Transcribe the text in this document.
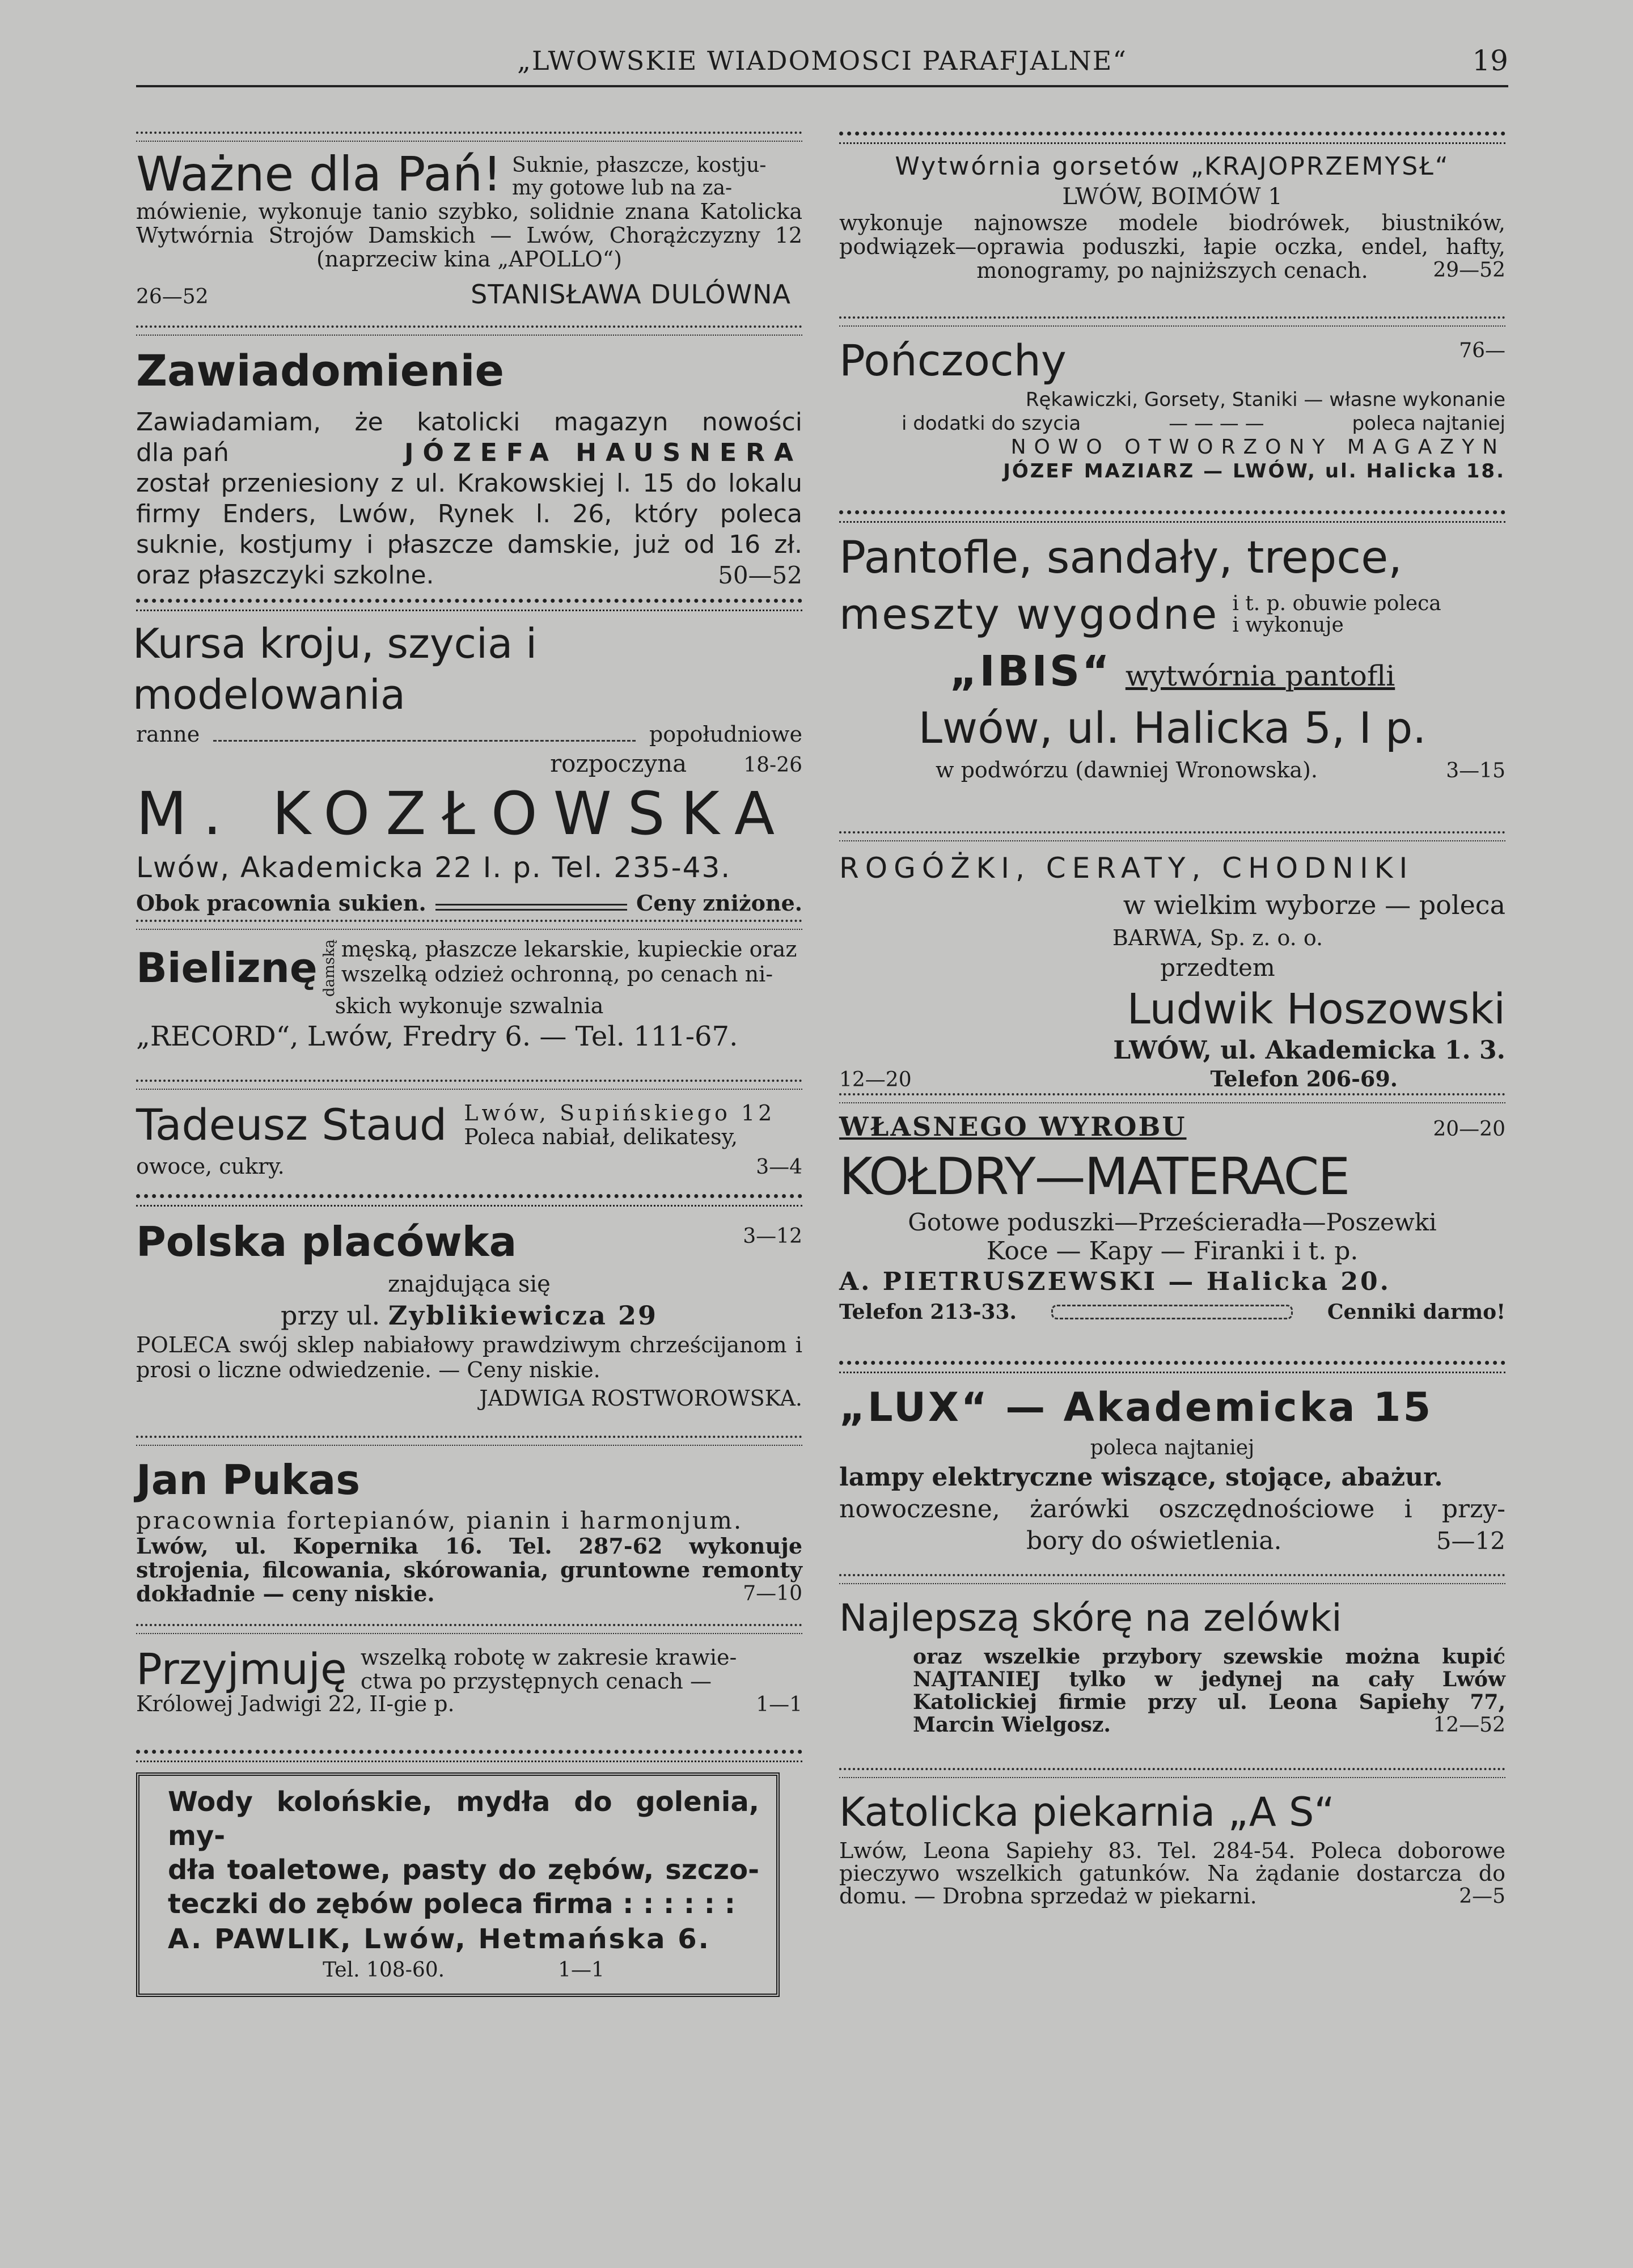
„LWOWSKIE WIADOMOSCI PARAFJALNE“	19
Ważne dla Pań! Suknie, płaszcze, kostju-
my gotowe lub na za-
mówienie, wykonuje tanio szybko, solidnie znana Katolicka Wytwórnia Strojów Damskich — Lwów, Chorążczyzny 12 (naprzeciw kina „APOLLO“)
26—52	STANISŁAWA DULÓWNA
Zawiadomienie
Zawiadamiam, że katolicki magazyn nowości
dla pań	JÓZEFA HAUSNERA
został przeniesiony z ul. Krakowskiej l. 15 do lokalu firmy Enders, Lwów, Rynek l. 26, który poleca suknie, kostjumy i płaszcze damskie, już od 16 zł. oraz płaszczyki szkolne.	50—52
Kursa kroju, szycia i modelowania
ranne	popołudniowe
rozpoczyna	18-26
M. KOZŁOWSKA
Lwów, Akademicka 22 I. p. Tel. 235-43.
Obok pracownia sukien.	Ceny zniżone.
Bieliznę damską męską, płaszcze lekarskie, kupieckie oraz
wszelką odzież ochronną, po cenach ni-
skich wykonuje szwalnia
„RECORD“, Lwów, Fredry 6. — Tel. 111-67.
Tadeusz Staud Lwów, Supińskiego 12
Poleca nabiał, delikatesy,
owoce, cukry.	3—4
Polska placówka	3—12
znajdująca się
przy ul. Zyblikiewicza 29
POLECA swój sklep nabiałowy prawdziwym chrześcijanom i prosi o liczne odwiedzenie. — Ceny niskie.
JADWIGA ROSTWOROWSKA.
Jan Pukas
pracownia fortepianów, pianin i harmonjum.
Lwów, ul. Kopernika 16. Tel. 287-62 wykonuje strojenia, filcowania, skórowania, gruntowne remonty dokładnie — ceny niskie.	7—10
Przyjmuję wszelką robotę w zakresie krawie-
ctwa po przystępnych cenach —
Królowej Jadwigi 22, II-gie p.	1—1
Wody kolońskie, mydła do golenia, my-
dła toaletowe, pasty do zębów, szczo-
teczki do zębów poleca firma : : : : : :
A. PAWLIK, Lwów, Hetmańska 6.
Tel. 108-60.	1—1
Wytwórnia gorsetów „KRAJOPRZEMYSŁ“
LWÓW, BOIMÓW 1
wykonuje najnowsze modele biodrówek, biustników, podwiązek—oprawia poduszki, łapie oczka, endel, hafty, monogramy, po najniższych cenach.	29—52
Pończochy	76—
Rękawiczki, Gorsety, Staniki — własne wykonanie
i dodatki do szycia	— — — —	poleca najtaniej
NOWO OTWORZONY MAGAZYN
JÓZEF MAZIARZ — LWÓW, ul. Halicka 18.
Pantofle, sandały, trepce,
meszty wygodne i t. p. obuwie poleca
i wykonuje
„IBIS“ wytwórnia pantofli
Lwów, ul. Halicka 5, I p.
w podwórzu (dawniej Wronowska).	3—15
ROGÓŻKI, CERATY, CHODNIKI
w wielkim wyborze — poleca
BARWA, Sp. z. o. o.
przedtem
Ludwik Hoszowski
LWÓW, ul. Akademicka 1. 3.
12—20	Telefon 206-69.
WŁASNEGO WYROBU	20—20
KOŁDRY—MATERACE
Gotowe poduszki—Prześcieradła—Poszewki
Koce — Kapy — Firanki i t. p.
A. PIETRUSZEWSKI — Halicka 20.
Telefon 213-33.	Cenniki darmo!
„LUX“ — Akademicka 15
poleca najtaniej
lampy elektryczne wiszące, stojące, abażur.
nowoczesne, żarówki oszczędnościowe i przy-
bory do oświetlenia.	5—12
Najlepszą skórę na zelówki
oraz wszelkie przybory szewskie można kupić NAJTANIEJ tylko w jedynej na cały Lwów Katolickiej firmie przy ul. Leona Sapiehy 77, Marcin Wielgosz.	12—52
Katolicka piekarnia „A S“
Lwów, Leona Sapiehy 83. Tel. 284-54. Poleca doborowe pieczywo wszelkich gatunków. Na żądanie dostarcza do domu. — Drobna sprzedaż w piekarni.	2—5
